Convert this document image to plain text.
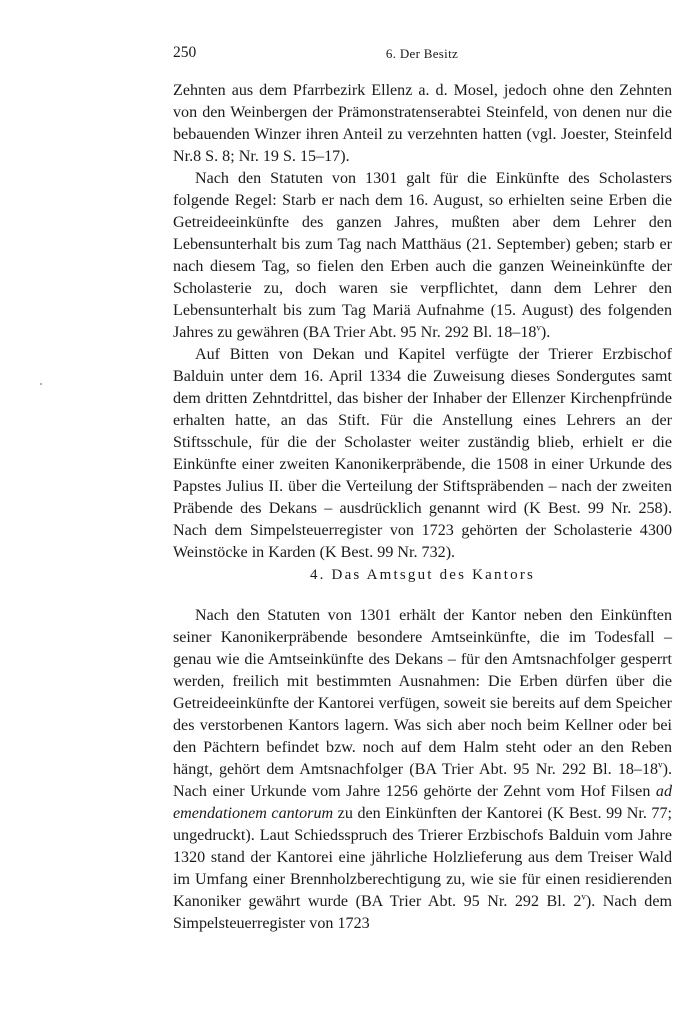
250	6. Der Besitz

Zehnten aus dem Pfarrbezirk Ellenz a. d. Mosel, jedoch ohne den Zehnten von den Weinbergen der Prämonstratenserabtei Steinfeld, von denen nur die bebauenden Winzer ihren Anteil zu verzehnten hatten (vgl. Joester, Steinfeld Nr.8 S. 8; Nr. 19 S. 15–17).

Nach den Statuten von 1301 galt für die Einkünfte des Scholasters folgende Regel: Starb er nach dem 16. August, so erhielten seine Erben die Getreideeinkünfte des ganzen Jahres, mußten aber dem Lehrer den Lebensunterhalt bis zum Tag nach Matthäus (21. September) geben; starb er nach diesem Tag, so fielen den Erben auch die ganzen Weineinkünfte der Scholasterie zu, doch waren sie verpflichtet, dann dem Lehrer den Lebensunterhalt bis zum Tag Mariä Aufnahme (15. August) des folgenden Jahres zu gewähren (BA Trier Abt. 95 Nr. 292 Bl. 18–18$^v$).

Auf Bitten von Dekan und Kapitel verfügte der Trierer Erzbischof Balduin unter dem 16. April 1334 die Zuweisung dieses Sondergutes samt dem dritten Zehntdrittel, das bisher der Inhaber der Ellenzer Kirchenpfründe erhalten hatte, an das Stift. Für die Anstellung eines Lehrers an der Stiftsschule, für die der Scholaster weiter zuständig blieb, erhielt er die Einkünfte einer zweiten Kanonikerpräbende, die 1508 in einer Urkunde des Papstes Julius II. über die Verteilung der Stiftspräbenden – nach der zweiten Präbende des Dekans – ausdrücklich genannt wird (K Best. 99 Nr. 258). Nach dem Simpelsteuerregister von 1723 gehörten der Scholasterie 4300 Weinstöcke in Karden (K Best. 99 Nr. 732).

4. Das Amtsgut des Kantors

Nach den Statuten von 1301 erhält der Kantor neben den Einkünften seiner Kanonikerpräbende besondere Amtseinkünfte, die im Todesfall – genau wie die Amtseinkünfte des Dekans – für den Amtsnachfolger gesperrt werden, freilich mit bestimmten Ausnahmen: Die Erben dürfen über die Getreideeinkünfte der Kantorei verfügen, soweit sie bereits auf dem Speicher des verstorbenen Kantors lagern. Was sich aber noch beim Kellner oder bei den Pächtern befindet bzw. noch auf dem Halm steht oder an den Reben hängt, gehört dem Amtsnachfolger (BA Trier Abt. 95 Nr. 292 Bl. 18–18$^v$). Nach einer Urkunde vom Jahre 1256 gehörte der Zehnt vom Hof Filsen ad emendationem cantorum zu den Einkünften der Kantorei (K Best. 99 Nr. 77; ungedruckt). Laut Schiedsspruch des Trierer Erzbischofs Balduin vom Jahre 1320 stand der Kantorei eine jährliche Holzlieferung aus dem Treiser Wald im Umfang einer Brennholzberechtigung zu, wie sie für einen residierenden Kanoniker gewährt wurde (BA Trier Abt. 95 Nr. 292 Bl. 2$^v$). Nach dem Simpelsteuerregister von 1723
